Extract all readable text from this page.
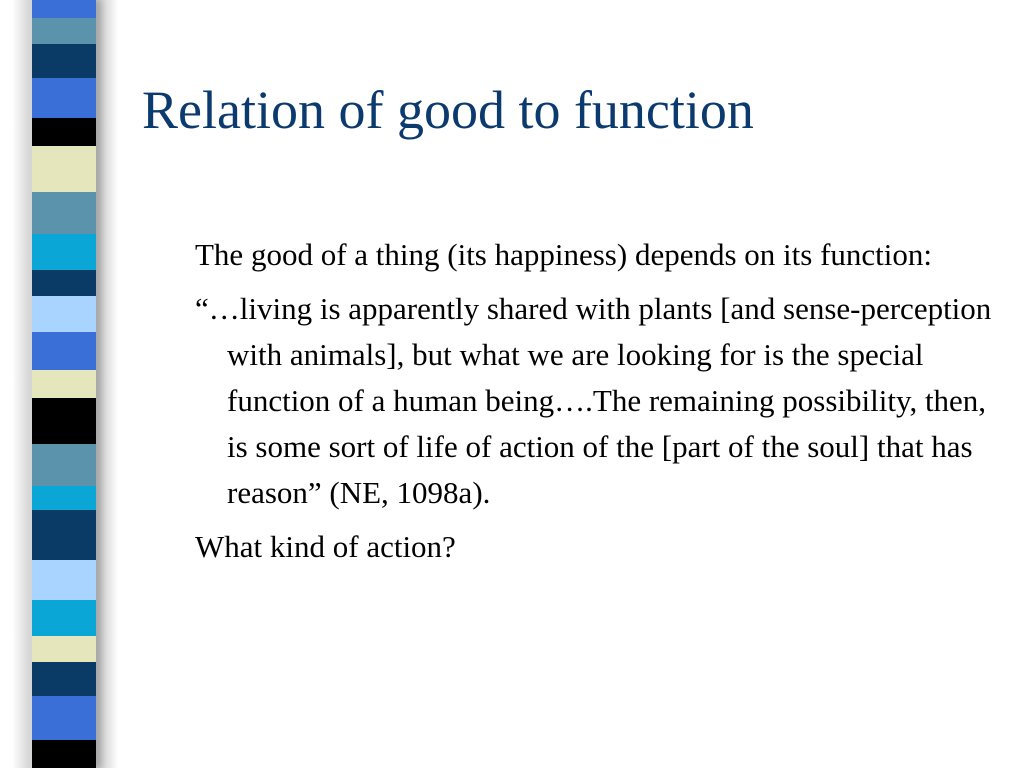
Relation of good to function

The good of a thing (its happiness) depends on its function:

“…living is apparently shared with plants [and sense-perception with animals], but what we are looking for is the special function of a human being….The remaining possibility, then, is some sort of life of action of the [part of the soul] that has reason” (NE, 1098a).

What kind of action?
